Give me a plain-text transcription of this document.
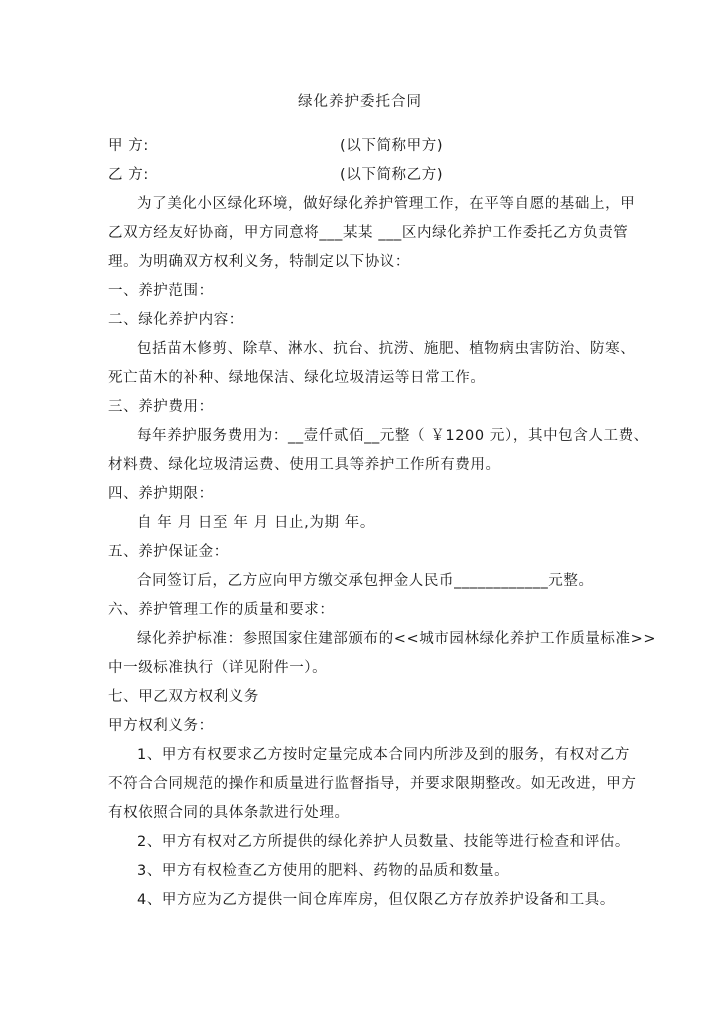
绿化养护委托合同
甲 方:	(以下简称甲方)
乙 方:	(以下简称乙方)
为了美化小区绿化环境，做好绿化养护管理工作，在平等自愿的基础上，甲
乙双方经友好协商，甲方同意将___某某 ___区内绿化养护工作委托乙方负责管
理。为明确双方权利义务，特制定以下协议：
一、养护范围：
二、绿化养护内容：
包括苗木修剪、除草、淋水、抗台、抗涝、施肥、植物病虫害防治、防寒、
死亡苗木的补种、绿地保洁、绿化垃圾清运等日常工作。
三、养护费用：
每年养护服务费用为：__壹仟贰佰__元整（ ￥1200 元），其中包含人工费、
材料费、绿化垃圾清运费、使用工具等养护工作所有费用。
四、养护期限：
自 年 月 日至 年 月 日止,为期 年。
五、养护保证金：
合同签订后，乙方应向甲方缴交承包押金人民币____________元整。
六、养护管理工作的质量和要求：
绿化养护标准：参照国家住建部颁布的<<城市园林绿化养护工作质量标准>>
中一级标准执行（详见附件一）。
七、甲乙双方权利义务
甲方权利义务：
1、甲方有权要求乙方按时定量完成本合同内所涉及到的服务，有权对乙方
不符合合同规范的操作和质量进行监督指导，并要求限期整改。如无改进，甲方
有权依照合同的具体条款进行处理。
2、甲方有权对乙方所提供的绿化养护人员数量、技能等进行检查和评估。
3、甲方有权检查乙方使用的肥料、药物的品质和数量。
4、甲方应为乙方提供一间仓库库房，但仅限乙方存放养护设备和工具。
